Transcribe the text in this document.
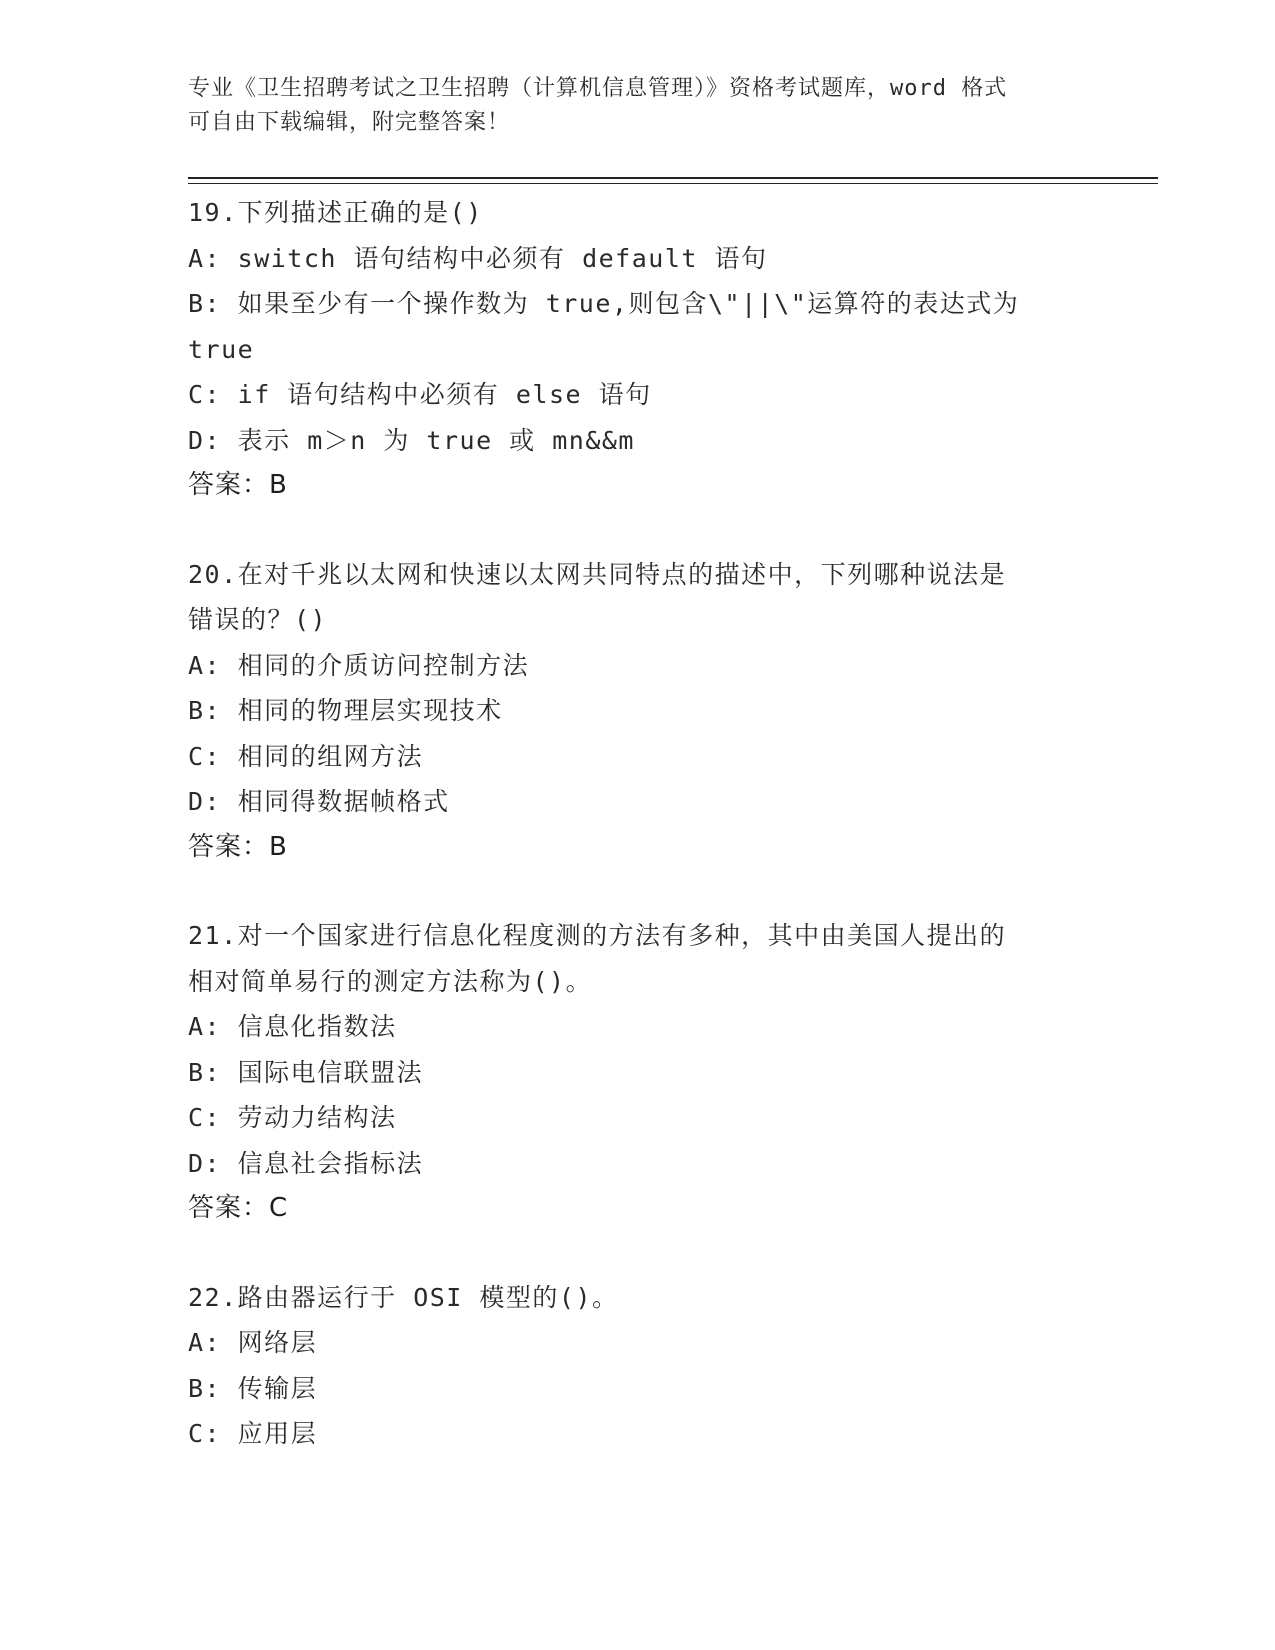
专业《卫生招聘考试之卫生招聘（计算机信息管理）》资格考试题库，word 格式
可自由下载编辑，附完整答案！
19.下列描述正确的是()
A: switch 语句结构中必须有 default 语句
B: 如果至少有一个操作数为 true,则包含\"||\"运算符的表达式为
true
C: if 语句结构中必须有 else 语句
D: 表示 m＞n 为 true 或 mn&&m
答案：B
20.在对千兆以太网和快速以太网共同特点的描述中，下列哪种说法是
错误的？()
A: 相同的介质访问控制方法
B: 相同的物理层实现技术
C: 相同的组网方法
D: 相同得数据帧格式
答案：B
21.对一个国家进行信息化程度测的方法有多种，其中由美国人提出的
相对简单易行的测定方法称为()。
A: 信息化指数法
B: 国际电信联盟法
C: 劳动力结构法
D: 信息社会指标法
答案：C
22.路由器运行于 OSI 模型的()。
A: 网络层
B: 传输层
C: 应用层
